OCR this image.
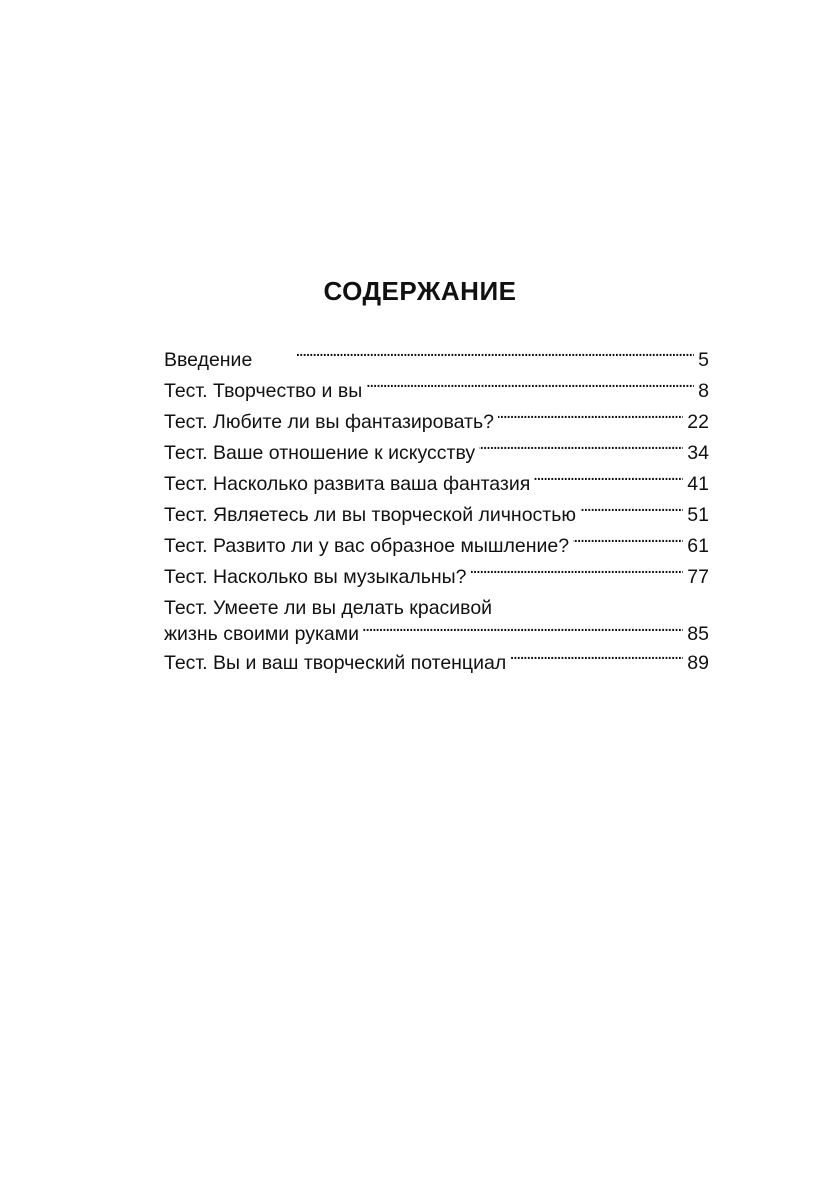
СОДЕРЖАНИЕ
Введение . . .	5
Тест. Творчество и вы . . .	8
Тест. Любите ли вы фантазировать? . . .	22
Тест. Ваше отношение к искусству . . .	34
Тест. Насколько развита ваша фантазия . . .	41
Тест. Являетесь ли вы творческой личностью . . .	51
Тест. Развито ли у вас образное мышление? . . .	61
Тест. Насколько вы музыкальны? . . .	77
Тест. Умеете ли вы делать красивой
жизнь своими руками . . .	85
Тест. Вы и ваш творческий потенциал . . .	89
